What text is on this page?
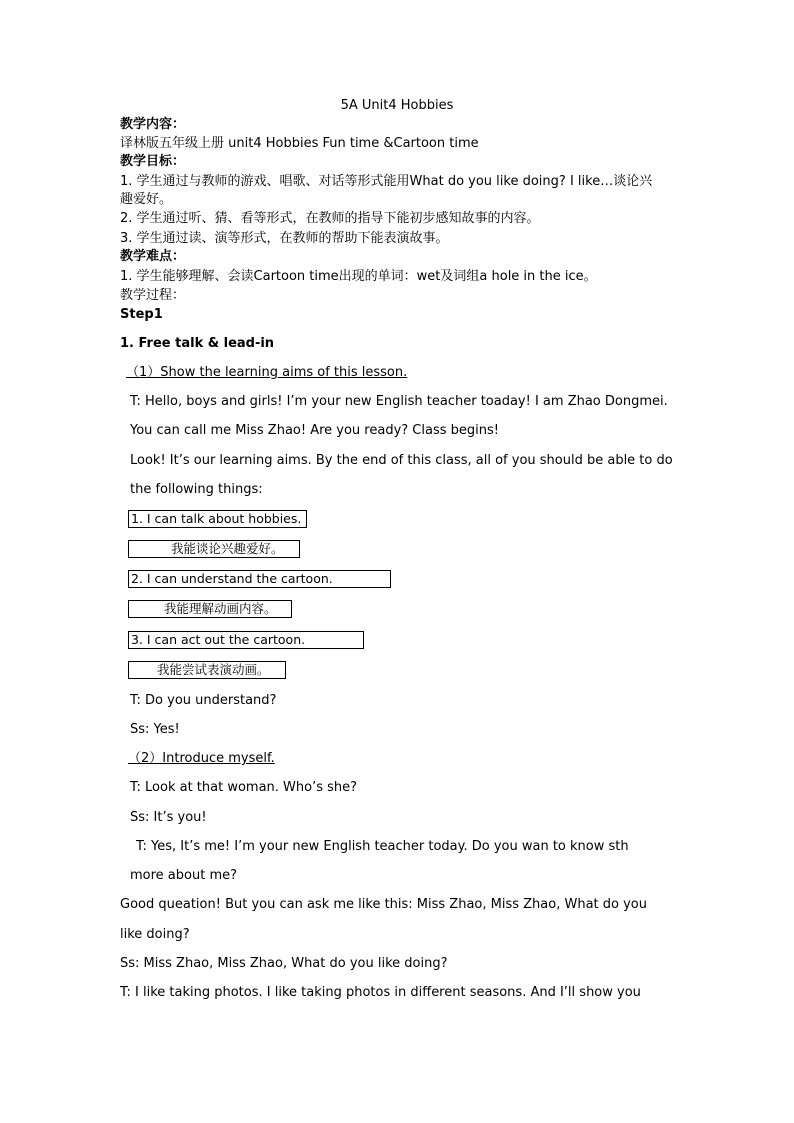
5A Unit4 Hobbies
教学内容：
译林版五年级上册 unit4 Hobbies Fun time &Cartoon time
教学目标：
1. 学生通过与教师的游戏、唱歌、对话等形式能用What do you like doing? I like…谈论兴
趣爱好。
2. 学生通过听、猜、看等形式，在教师的指导下能初步感知故事的内容。
3. 学生通过读、演等形式，在教师的帮助下能表演故事。
教学难点：
1. 学生能够理解、会读Cartoon time出现的单词：wet及词组a hole in the ice。
教学过程：
Step1
1. Free talk & lead-in
（1）Show the learning aims of this lesson.
T: Hello, boys and girls! I’m your new English teacher toaday! I am Zhao Dongmei.
You can call me Miss Zhao! Are you ready? Class begins!
Look! It’s our learning aims. By the end of this class, all of you should be able to do
the following things:
1. I can talk about hobbies.
我能谈论兴趣爱好。
2. I can understand the cartoon.
我能理解动画内容。
3. I can act out the cartoon.
我能尝试表演动画。
T: Do you understand?
Ss: Yes!
（2）Introduce myself.
T: Look at that woman. Who’s she?
Ss: It’s you!
T: Yes, It’s me! I’m your new English teacher today. Do you wan to know sth
more about me?
Good queation! But you can ask me like this: Miss Zhao, Miss Zhao, What do you
like doing?
Ss: Miss Zhao, Miss Zhao, What do you like doing?
T: I like taking photos. I like taking photos in different seasons. And I’ll show you
